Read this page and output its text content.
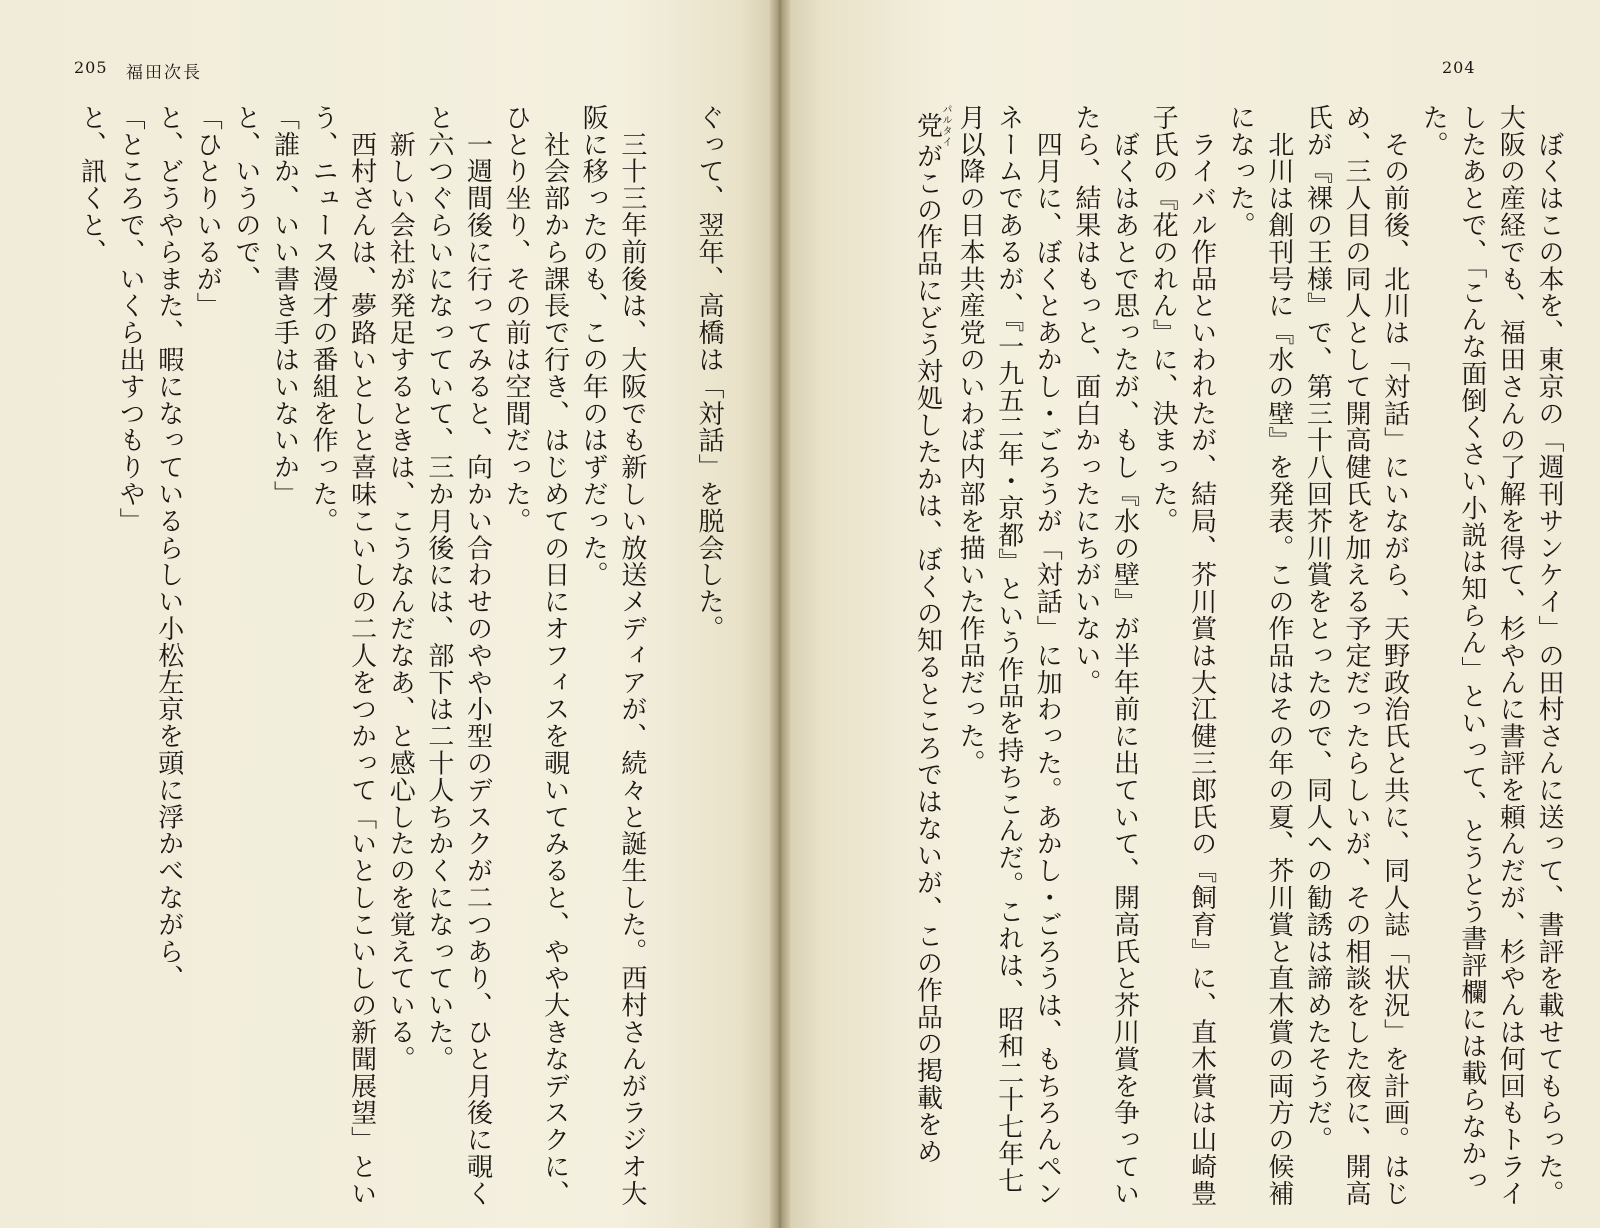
204

　ぼくはこの本を、東京の「週刊サンケイ」の田村さんに送って、書評を載せてもらった。

大阪の産経でも、福田さんの了解を得て、杉やんに書評を頼んだが、杉やんは何回もトライ

したあとで、「こんな面倒くさい小説は知らん」といって、とうとう書評欄には載らなかっ

た。

　その前後、北川は「対話」にいながら、天野政治氏と共に、同人誌「状況」を計画。はじ

め、三人目の同人として開高健氏を加える予定だったらしいが、その相談をした夜に、開高

氏が『裸の王様』で、第三十八回芥川賞をとったので、同人への勧誘は諦めたそうだ。

　北川は創刊号に『水の壁』を発表。この作品はその年の夏、芥川賞と直木賞の両方の候補

になった。

　ライバル作品といわれたが、結局、芥川賞は大江健三郎氏の『飼育』に、直木賞は山崎豊

子氏の『花のれん』に、決まった。

　ぼくはあとで思ったが、もし『水の壁』が半年前に出ていて、開高氏と芥川賞を争ってい

たら、結果はもっと、面白かったにちがいない。

　四月に、ぼくとあかし・ごろうが「対話」に加わった。あかし・ごろうは、もちろんペン

ネームであるが、『一九五二年・京都』という作品を持ちこんだ。これは、昭和二十七年七

月以降の日本共産党のいわば内部を描いた作品だった。

党パルタイがこの作品にどう対処したかは、ぼくの知るところではないが、この作品の掲載をめ

205 福田次長

ぐって、翌年、高橋は「対話」を脱会した。

　三十三年前後は、大阪でも新しい放送メディアが、続々と誕生した。西村さんがラジオ大

阪に移ったのも、この年のはずだった。

　社会部から課長で行き、はじめての日にオフィスを覗いてみると、やや大きなデスクに、

ひとり坐り、その前は空間だった。

　一週間後に行ってみると、向かい合わせのやや小型のデスクが二つあり、ひと月後に覗く

と六つぐらいになっていて、三か月後には、部下は二十人ちかくになっていた。

　新しい会社が発足するときは、こうなんだなあ、と感心したのを覚えている。

　西村さんは、夢路いとしと喜味こいしの二人をつかって「いとしこいしの新聞展望」とい

う、ニュース漫才の番組を作った。

「誰か、いい書き手はいないか」

と、いうので、

「ひとりいるが」

と、どうやらまた、暇になっているらしい小松左京を頭に浮かべながら、

「ところで、いくら出すつもりや」

と、訊くと、
